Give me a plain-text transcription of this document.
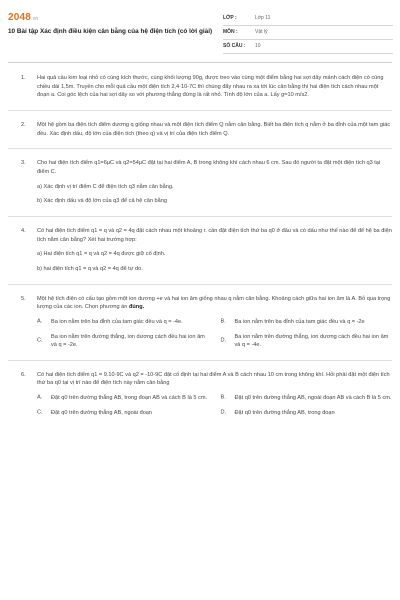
2048.vn
10 Bài tập Xác định điều kiện cân bằng của hệ điện tích (có lời giải)
LỚP :	Lớp 11
MÔN :	Vật lý
SỐ CÂU :	10
1. Hai quả cầu kim loại nhỏ có cùng kích thước, cùng khối lượng 90g, được treo vào cùng một điểm bằng hai sợi dây mảnh cách điện có cùng chiều dài 1,5m. Truyền cho mỗi quả cầu một điện tích 2,4·10-7C thì chúng đẩy nhau ra xa tới lúc cân bằng thì hai điện tích cách nhau một đoạn a. Coi góc lệch của hai sợi dây so với phương thẳng đứng là rất nhỏ. Tính độ lớn của a. Lấy g=10 m/s2.
2. Một hệ gồm ba điện tích điểm dương q giống nhau và một điện tích điểm Q nằm cân bằng. Biết ba điện tích q nằm ở ba đỉnh của một tam giác đều. Xác định dấu, độ lớn của điện tích (theo q) và vị trí của điện tích điểm Q.
3. Cho hai điện tích điểm q1=6μC và q2=54μC đặt tại hai điểm A, B trong không khí cách nhau 6 cm. Sau đó người ta đặt một điện tích q3 tại điểm C.
a) Xác định vị trí điểm C để điện tích q3 nằm cân bằng.
b) Xác định dấu và độ lớn của q3 để cả hệ cân bằng
4. Có hai điện tích điểm q1 = q và q2 = 4q đặt cách nhau một khoảng r. cần đặt điện tích thứ ba q0 ở đâu và có dấu như thế nào để để hệ ba điện tích nằm cân bằng? Xét hai trường hợp:
a) Hai điện tích q1 = q và q2 = 4q được giữ cố định.
b) hai điện tích q1 = q và q2 = 4q để tự do.
5. Một hệ tích điện có cấu tạo gồm một ion dương +e và hai ion âm giống nhau q nằm cân bằng. Khoảng cách giữa hai ion âm là A. Bỏ qua trọng lượng của các ion. Chọn phương án đúng.
A. Ba ion nằm trên ba đỉnh của tam giác đều và q = -4e.	B. Ba ion nằm trên ba đỉnh của tam giác đều và q = -2e
C.
Ba ion nằm trên đường thẳng, ion dương cách đều hai ion âm và q = -2e.
D.
Ba ion nằm trên đường thẳng, ion dương cách đều hai ion âm và q = -4e.
6. Có hai điện tích điểm q1 = 9.10-9C và q2 = -10-9C đặt cố định tại hai điểm A và B cách nhau 10 cm trong không khí. Hỏi phải đặt một điện tích thứ ba q0 tại vị trí nào để điện tích này nằm cân bằng
A. Đặt q0 trên đường thẳng AB, trong đoạn AB và cách B là 5 cm. B. Đặt q0 trên đường thẳng AB, ngoài đoạn AB và cách B là 5 cm.
C. Đặt q0 trên đường thẳng AB, ngoài đoạn	D. Đặt q0 trên đường thẳng AB, trong đoạn
